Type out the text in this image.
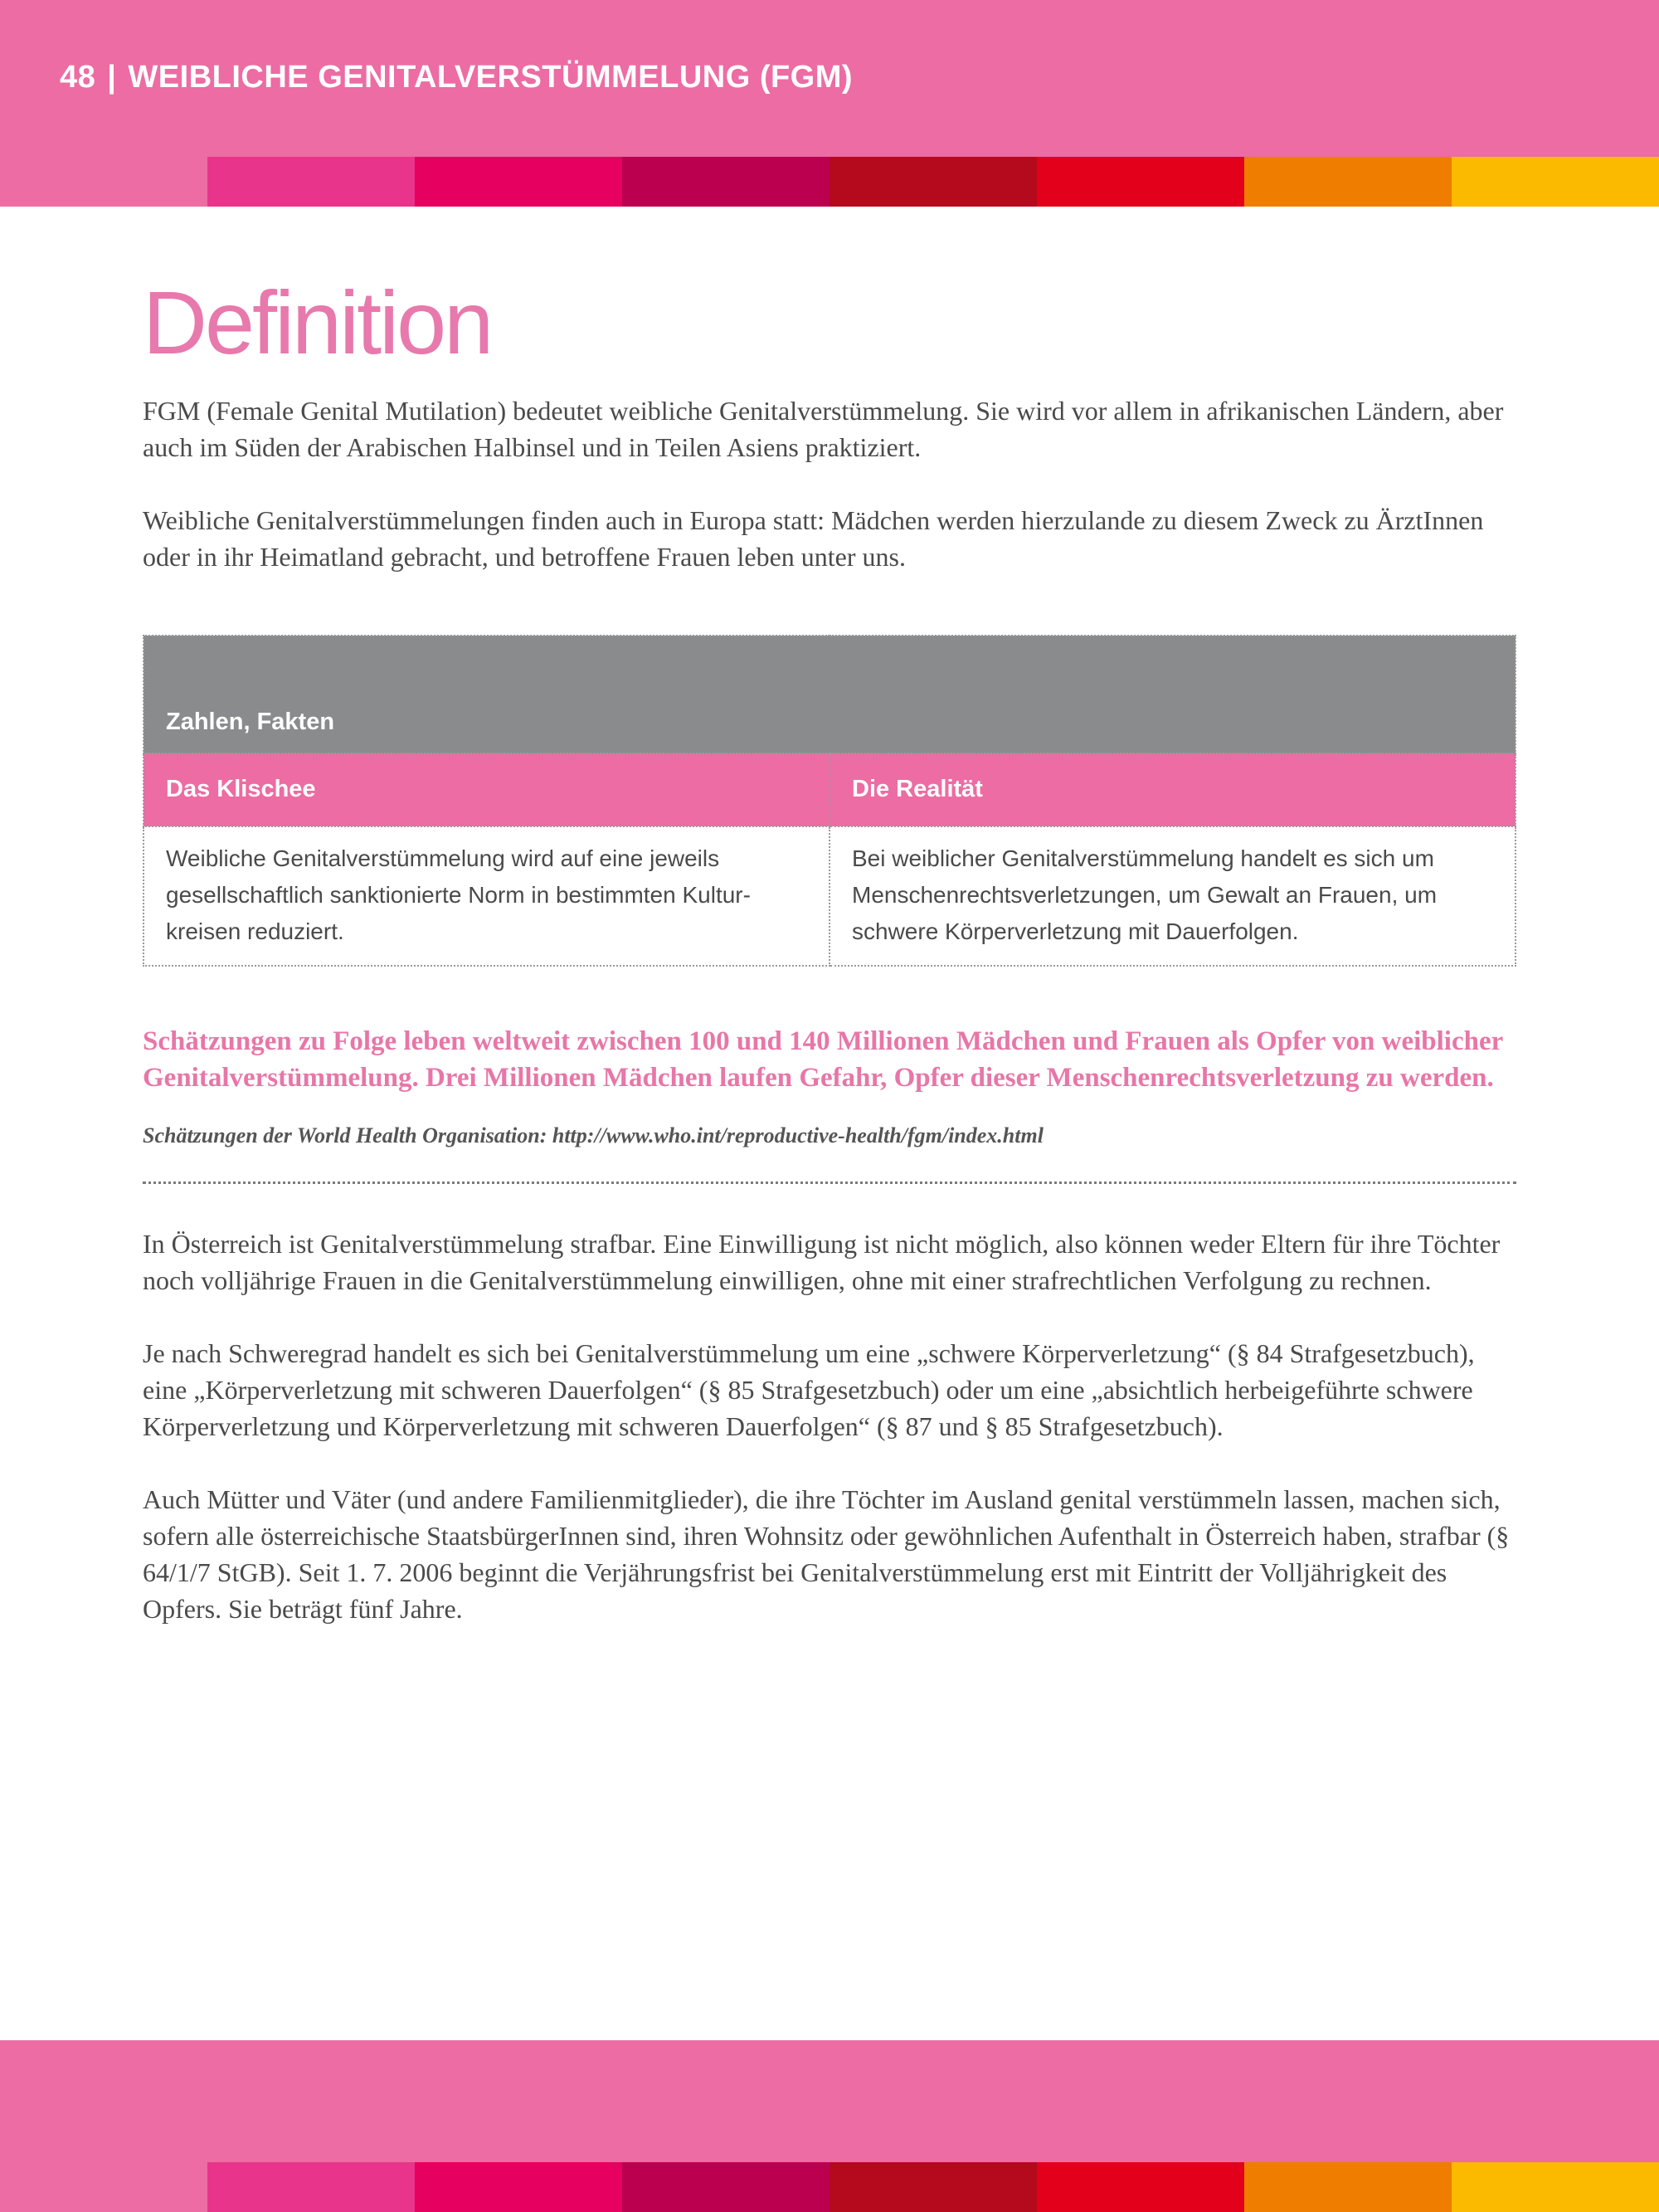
48 | WEIBLICHE GENITALVERSTÜMMELUNG (FGM)
Definition

FGM (Female Genital Mutilation) bedeutet weibliche Genitalverstümmelung. Sie wird vor allem in afrikanischen Ländern, aber auch im Süden der Arabischen Halbinsel und in Teilen Asiens praktiziert.

Weibliche Genitalverstümmelungen finden auch in Europa statt: Mädchen werden hierzulande zu diesem Zweck zu ÄrztInnen oder in ihr Heimatland gebracht, und betroffene Frauen leben unter uns.

Zahlen, Fakten	
Das Klischee	Die Realität
Weibliche Genitalverstümmelung wird auf eine jeweils gesellschaftlich sanktionierte Norm in bestimmten Kultur-kreisen reduziert.	Bei weiblicher Genitalverstümmelung handelt es sich um Menschenrechtsverletzungen, um Gewalt an Frauen, um schwere Körperverletzung mit Dauerfolgen.

Schätzungen zu Folge leben weltweit zwischen 100 und 140 Millionen Mädchen und Frauen als Opfer von weiblicher Genitalverstümmelung. Drei Millionen Mädchen laufen Gefahr, Opfer dieser Menschenrechtsverletzung zu werden.

Schätzungen der World Health Organisation: http://www.who.int/reproductive-health/fgm/index.html

In Österreich ist Genitalverstümmelung strafbar. Eine Einwilligung ist nicht möglich, also können weder Eltern für ihre Töchter noch volljährige Frauen in die Genitalverstümmelung einwilligen, ohne mit einer strafrechtlichen Verfolgung zu rechnen.

Je nach Schweregrad handelt es sich bei Genitalverstümmelung um eine „schwere Körperverletzung“ (§ 84 Strafgesetzbuch), eine „Körperverletzung mit schweren Dauerfolgen“ (§ 85 Strafgesetzbuch) oder um eine „absichtlich herbeigeführte schwere Körperverletzung und Körperverletzung mit schweren Dauerfolgen“ (§ 87 und § 85 Strafgesetzbuch).

Auch Mütter und Väter (und andere Familienmitglieder), die ihre Töchter im Ausland genital verstümmeln lassen, machen sich, sofern alle österreichische StaatsbürgerInnen sind, ihren Wohnsitz oder gewöhnlichen Aufenthalt in Österreich haben, strafbar (§ 64/1/7 StGB). Seit 1. 7. 2006 beginnt die Verjährungsfrist bei Genitalverstümmelung erst mit Eintritt der Volljährigkeit des Opfers. Sie beträgt fünf Jahre.
